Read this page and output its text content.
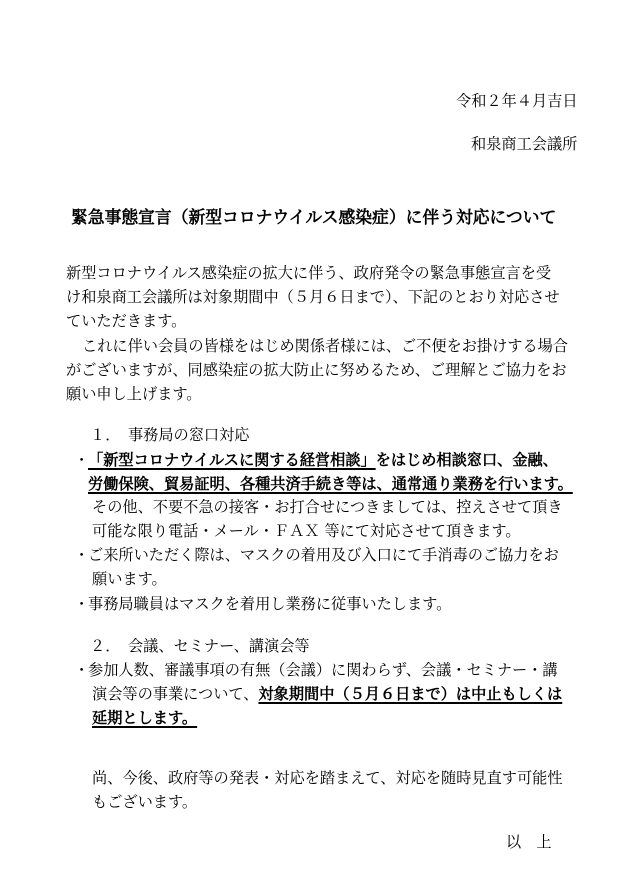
令和２年４月吉日
和泉商工会議所
緊急事態宣言（新型コロナウイルス感染症）に伴う対応について
新型コロナウイルス感染症の拡大に伴う、政府発令の緊急事態宣言を受
け和泉商工会議所は対象期間中（５月６日まで）、下記のとおり対応させ
ていただきます。
これに伴い会員の皆様をはじめ関係者様には、ご不便をお掛けする場合
がございますが、同感染症の拡大防止に努めるため、ご理解とご協力をお
願い申し上げます。
１．　事務局の窓口対応
・
「新型コロナウイルスに関する経営相談」をはじめ相談窓口、金融、
労働保険、貿易証明、各種共済手続き等は、通常通り業務を行います。
その他、不要不急の接客・お打合せにつきましては、控えさせて頂き
可能な限り電話・メール・ＦＡＸ 等にて対応させて頂きます。
・
ご来所いただく際は、マスクの着用及び入口にて手消毒のご協力をお
願います。
・
事務局職員はマスクを着用し業務に従事いたします。
２．　会議、セミナー、講演会等
・
参加人数、審議事項の有無（会議）に関わらず、会議・セミナー・講
演会等の事業について、対象期間中（５月６日まで）は中止もしくは
延期とします。
尚、今後、政府等の発表・対応を踏まえて、対応を随時見直す可能性
もございます。
以　上
